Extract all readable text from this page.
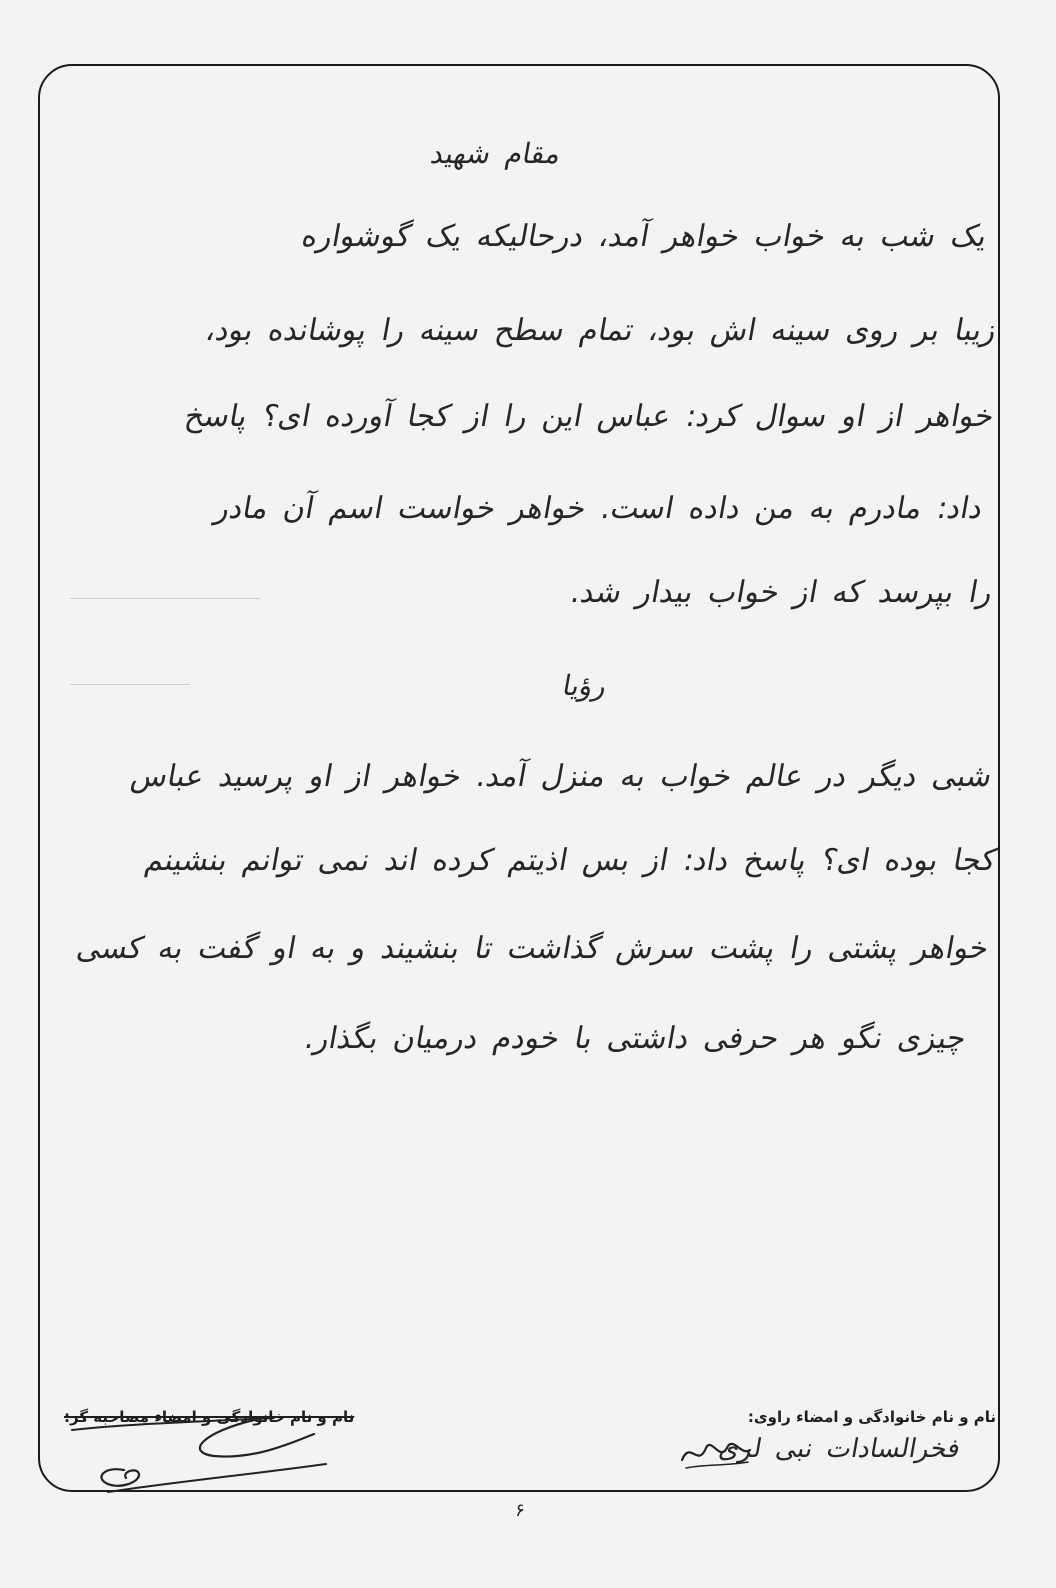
مقام شهید
یک شب به خواب خواهر آمد، درحالیکه یک گوشواره
زیبا بر روی سینه اش بود، تمام سطح سینه را پوشانده بود،
خواهر از او سوال کرد: عباس این را از کجا آورده ای؟ پاسخ
داد: مادرم به من داده است. خواهر خواست اسم آن مادر
را بپرسد که از خواب بیدار شد.
رؤیا
شبی دیگر در عالم خواب به منزل آمد. خواهر از او پرسید عباس
کجا بوده ای؟ پاسخ داد: از بس اذیتم کرده اند نمی توانم بنشینم
خواهر پشتی را پشت سرش گذاشت تا بنشیند و به او گفت به کسی
چیزی نگو هر حرفی داشتی با خودم درمیان بگذار.
نام و نام خانوادگی و امضاء راوی:
نام و نام خانوادگی و امضاء مصاحبه گر:
فخرالسادات نبی لری
۶
